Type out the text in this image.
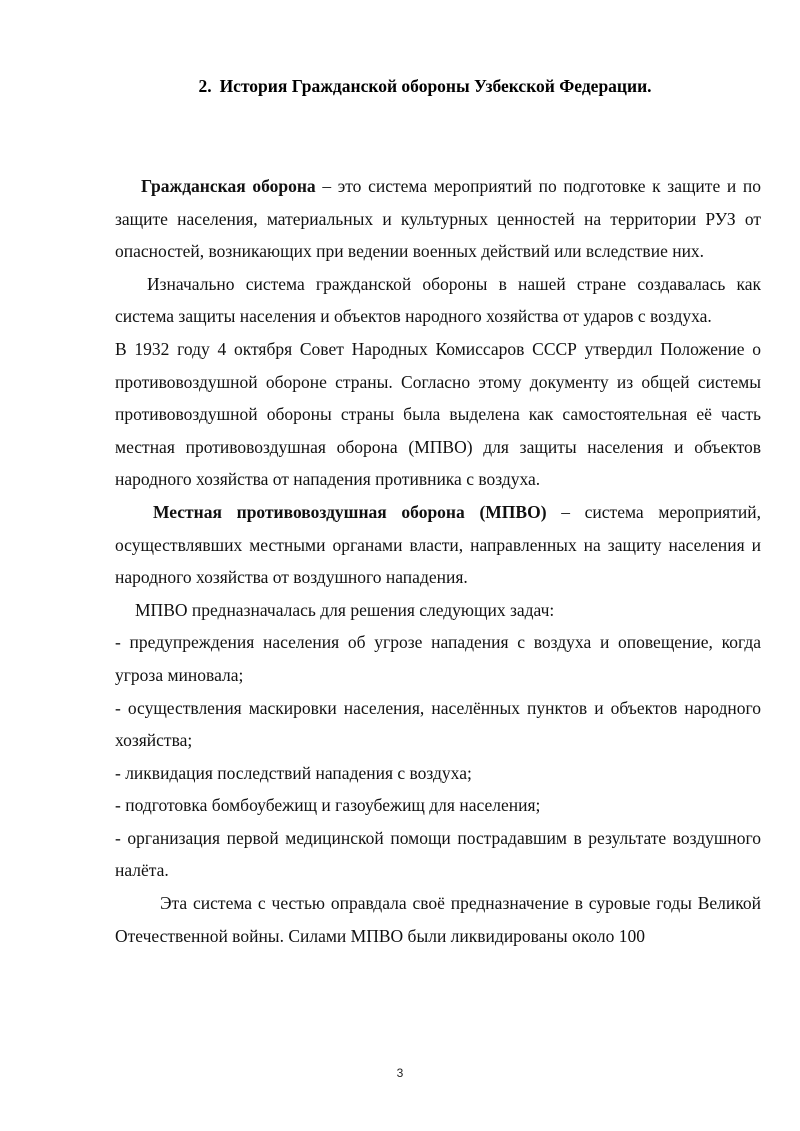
2. История Гражданской обороны Узбекской Федерации.

Гражданская оборона – это система мероприятий по подготовке к защите и по защите населения, материальных и культурных ценностей на территории РУЗ от опасностей, возникающих при ведении военных действий или вследствие них.

Изначально система гражданской обороны в нашей стране создавалась как система защиты населения и объектов народного хозяйства от ударов с воздуха.

В 1932 году 4 октября Совет Народных Комиссаров СССР утвердил Положение о противовоздушной обороне страны. Согласно этому документу из общей системы противовоздушной обороны страны была выделена как самостоятельная её часть местная противовоздушная оборона (МПВО) для защиты населения и объектов народного хозяйства от нападения противника с воздуха.

Местная противовоздушная оборона (МПВО) – система мероприятий, осуществлявших местными органами власти, направленных на защиту населения и народного хозяйства от воздушного нападения.

МПВО предназначалась для решения следующих задач:

- предупреждения населения об угрозе нападения с воздуха и оповещение, когда угроза миновала;

- осуществления маскировки населения, населённых пунктов и объектов народного хозяйства;

- ликвидация последствий нападения с воздуха;

- подготовка бомбоубежищ и газоубежищ для населения;

- организация первой медицинской помощи пострадавшим в результате воздушного налёта.

Эта система с честью оправдала своё предназначение в суровые годы Великой Отечественной войны. Силами МПВО были ликвидированы около 100

3
